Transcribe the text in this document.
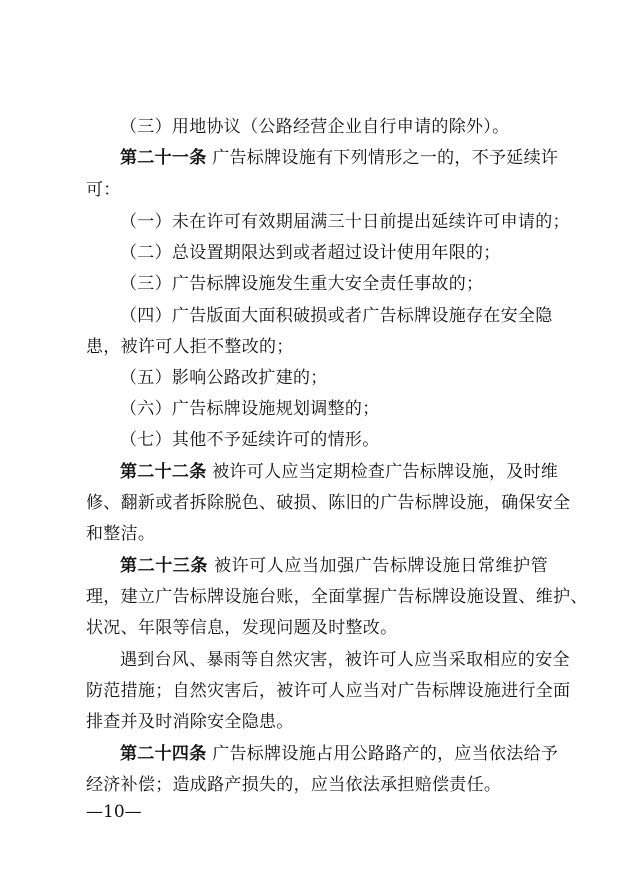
（三）用地协议（公路经营企业自行申请的除外）。
第二十一条 广告标牌设施有下列情形之一的，不予延续许
可：
（一）未在许可有效期届满三十日前提出延续许可申请的；
（二）总设置期限达到或者超过设计使用年限的；
（三）广告标牌设施发生重大安全责任事故的；
（四）广告版面大面积破损或者广告标牌设施存在安全隐
患，被许可人拒不整改的；
（五）影响公路改扩建的；
（六）广告标牌设施规划调整的；
（七）其他不予延续许可的情形。
第二十二条 被许可人应当定期检查广告标牌设施，及时维
修、翻新或者拆除脱色、破损、陈旧的广告标牌设施，确保安全
和整洁。
第二十三条 被许可人应当加强广告标牌设施日常维护管
理，建立广告标牌设施台账，全面掌握广告标牌设施设置、维护、
状况、年限等信息，发现问题及时整改。
遇到台风、暴雨等自然灾害，被许可人应当采取相应的安全
防范措施；自然灾害后，被许可人应当对广告标牌设施进行全面
排查并及时消除安全隐患。
第二十四条 广告标牌设施占用公路路产的，应当依法给予
经济补偿；造成路产损失的，应当依法承担赔偿责任。
—10—
